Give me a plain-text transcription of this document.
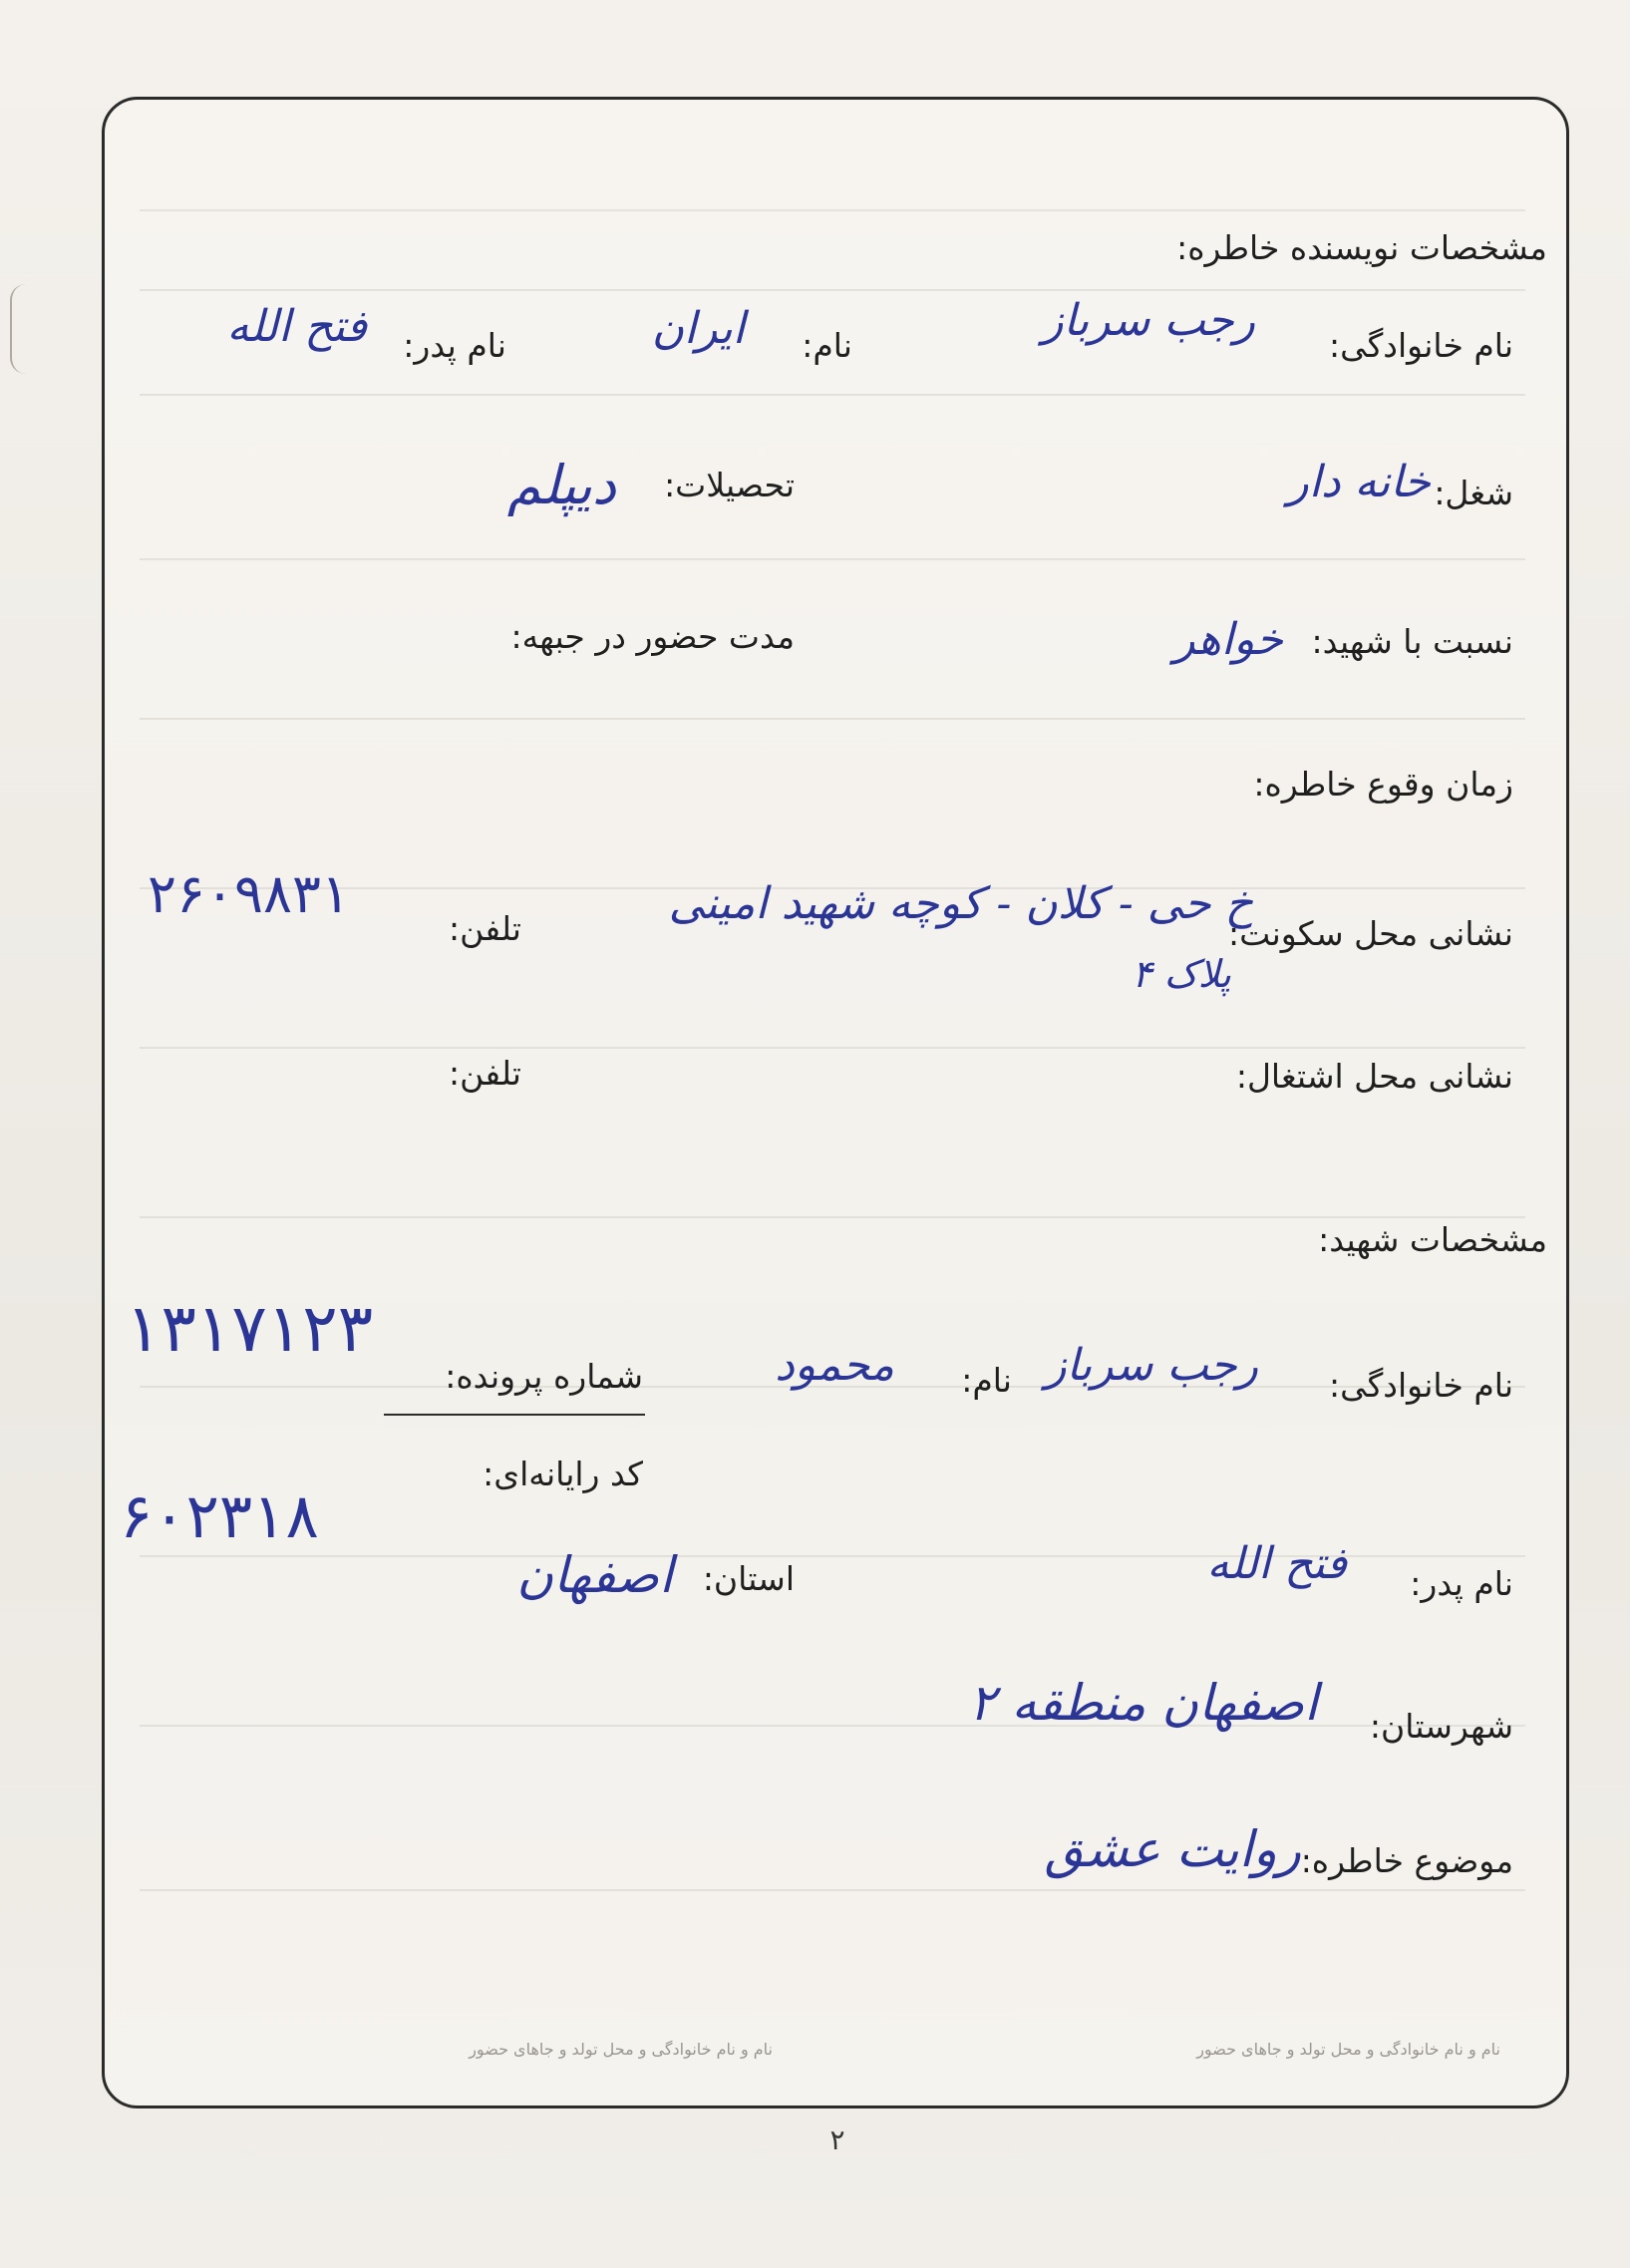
مشخصات نویسنده خاطره:
نام خانوادگی:
رجب سرباز
نام:
ایران
نام پدر:
فتح الله
شغل:
خانه دار
تحصیلات:
دیپلم
نسبت با شهید:
خواهر
مدت حضور در جبهه:
زمان وقوع خاطره:
نشانی محل سکونت:
خ حی - کلان - کوچه شهید امینی
پلاک ۴
تلفن:
۲۶۰۹۸۳۱
نشانی محل اشتغال:
تلفن:
مشخصات شهید:
نام خانوادگی:
رجب سرباز
نام:
محمود
شماره پرونده:
۱۳۱۷۱۲۳
کد رایانه‌ای:
۶۰۲۳۱۸
نام پدر:
فتح الله
استان:
اصفهان
شهرستان:
اصفهان منطقه ۲
موضوع خاطره:
روایت عشق
نام و نام خانوادگی و محل تولد و جاهای حضور
نام و نام خانوادگی و محل تولد و جاهای حضور
۲
